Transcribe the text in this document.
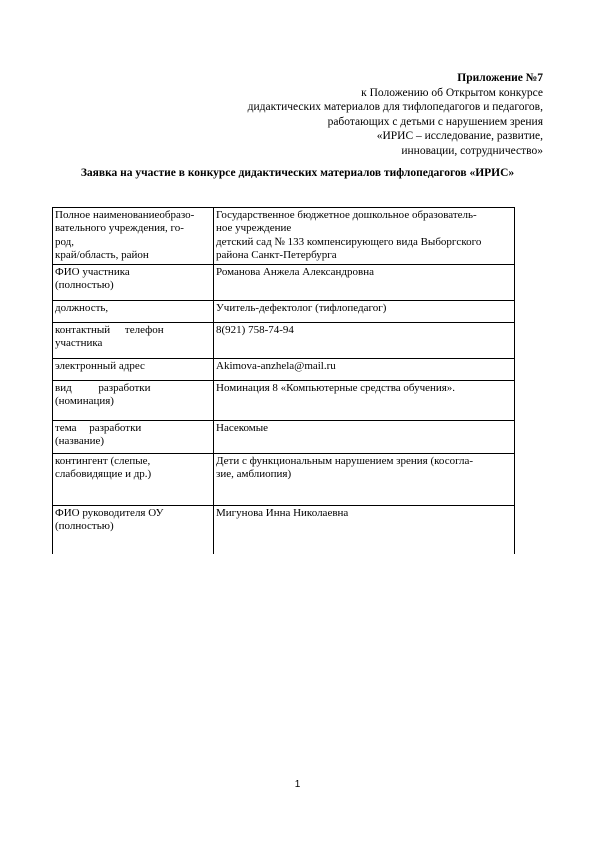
Приложение №7
к Положению об Открытом конкурсе
дидактических материалов для тифлопедагогов и педагогов,
работающих с детьми с нарушением зрения
«ИРИС – исследование, развитие,
инновации, сотрудничество»
Заявка на участие в конкурсе дидактических материалов тифлопедагогов «ИРИС»
Полное наименованиеобразо-
вательного учреждения, го-
род,
край/область, район	Государственное бюджетное дошкольное образователь-
ное учреждение
детский сад № 133 компенсирующего вида Выборгского
района Санкт-Петербурга

ФИО участника
(полностью)	Романова Анжела Александровна

должность,	Учитель-дефектолог (тифлопедагог)

контактный телефон
участника	8(921) 758-74-94

электронный адрес	Akimova-anzhela@mail.ru

вид разработки
(номинация)	Номинация 8 «Компьютерные средства обучения».

тема разработки
(название)	Насекомые

контингент (слепые,
слабовидящие и др.)	Дети с функциональным нарушением зрения (косогла-
зие, амблиопия)

ФИО руководителя ОУ
(полностью)	Мигунова Инна Николаевна
1
